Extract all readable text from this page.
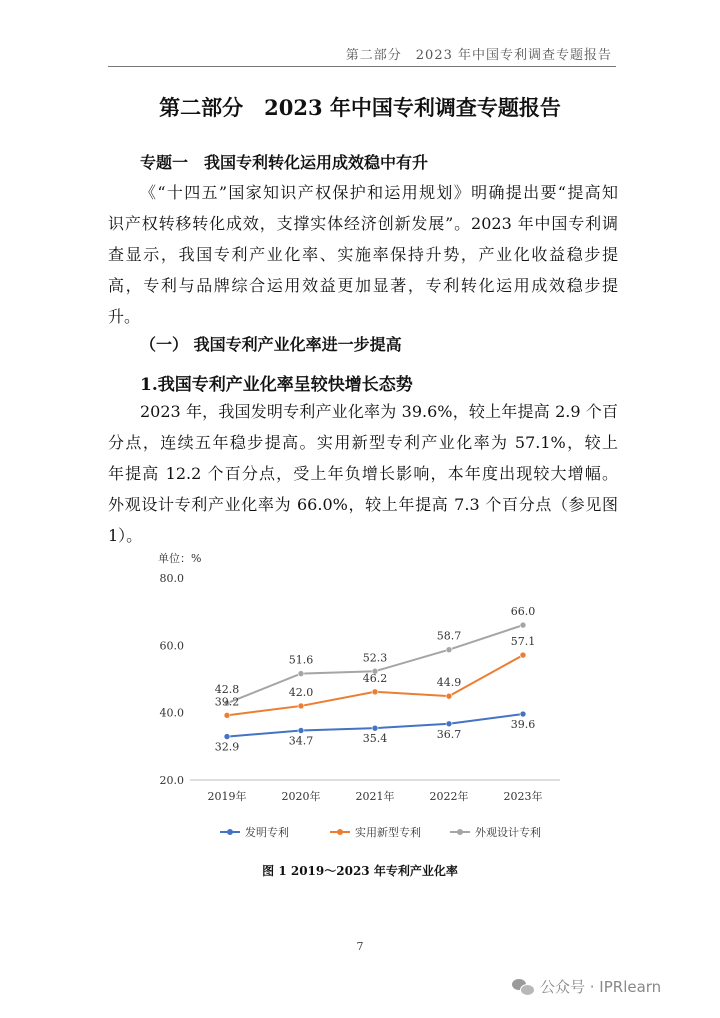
第二部分　2023 年中国专利调查专题报告
第二部分　2023 年中国专利调查专题报告
专题一　我国专利转化运用成效稳中有升
《“十四五”国家知识产权保护和运用规划》明确提出要“提高知
识产权转移转化成效，支撑实体经济创新发展”。2023 年中国专利调
查显示，我国专利产业化率、实施率保持升势，产业化收益稳步提
高，专利与品牌综合运用效益更加显著，专利转化运用成效稳步提
升。
（一） 我国专利产业化率进一步提高
1.我国专利产业化率呈较快增长态势
2023 年，我国发明专利产业化率为 39.6%，较上年提高 2.9 个百
分点，连续五年稳步提高。实用新型专利产业化率为 57.1%，较上
年提高 12.2 个百分点，受上年负增长影响，本年度出现较大增幅。
外观设计专利产业化率为 66.0%，较上年提高 7.3 个百分点（参见图
1）。
单位：%
20.0
40.0
60.0
80.0
2019年	2020年	2021年	2022年	2023年
32.9	34.7	35.4	36.7
39.6
39.2
42.0
46.2	44.9
57.1
42.8
51.6	52.3
58.7
66.0
发明专利	实用新型专利	外观设计专利
图 1 2019～2023 年专利产业化率
7
公众号 · IPRlearn
